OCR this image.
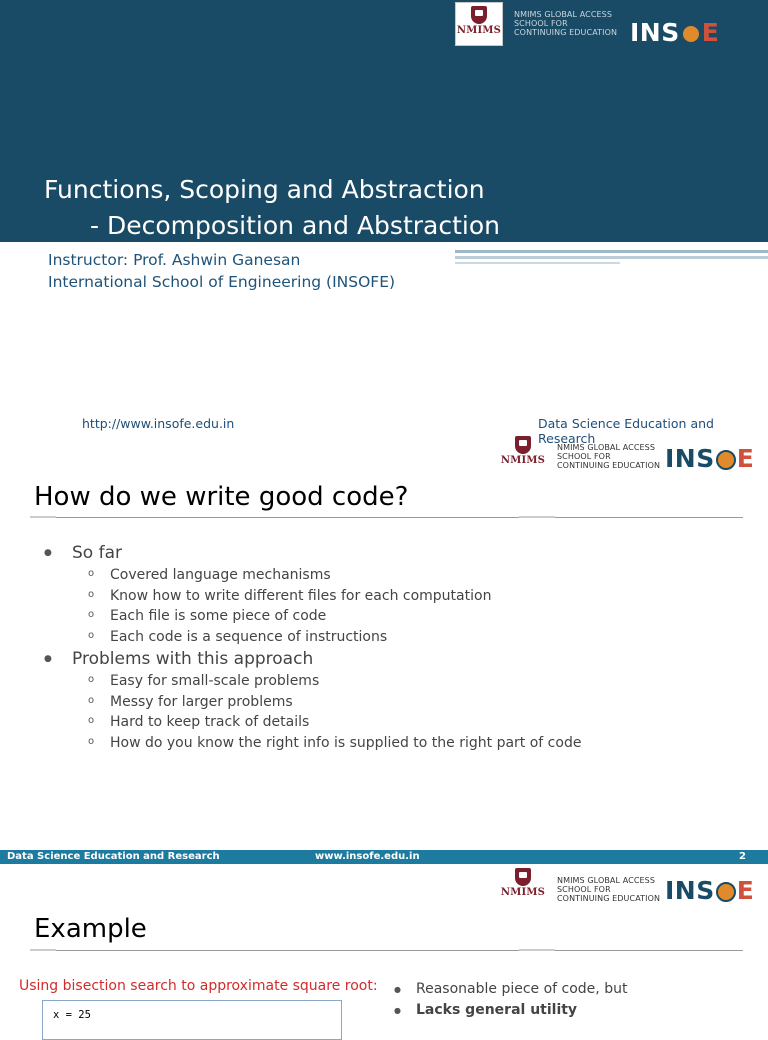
NMIMS
NMIMS GLOBAL ACCESS
SCHOOL FOR
CONTINUING EDUCATION INS E
Functions, Scoping and Abstraction
- Decomposition and Abstraction
Instructor: Prof. Ashwin Ganesan
International School of Engineering (INSOFE)
http://www.insofe.edu.in	Data Science Education and Research
NMIMS
NMIMS GLOBAL ACCESS
SCHOOL FOR
CONTINUING EDUCATION INS E
How do we write good code?
● So far
o Covered language mechanisms
o Know how to write different files for each computation
o Each file is some piece of code
o Each code is a sequence of instructions
● Problems with this approach
o Easy for small-scale problems
o Messy for larger problems
o Hard to keep track of details
o How do you know the right info is supplied to the right part of code
Data Science Education and Research	www.insofe.edu.in	2
NMIMS
NMIMS GLOBAL ACCESS
SCHOOL FOR
CONTINUING EDUCATION INS E
Example
Using bisection search to approximate square root:
x = 25
● Reasonable piece of code, but
● Lacks general utility
